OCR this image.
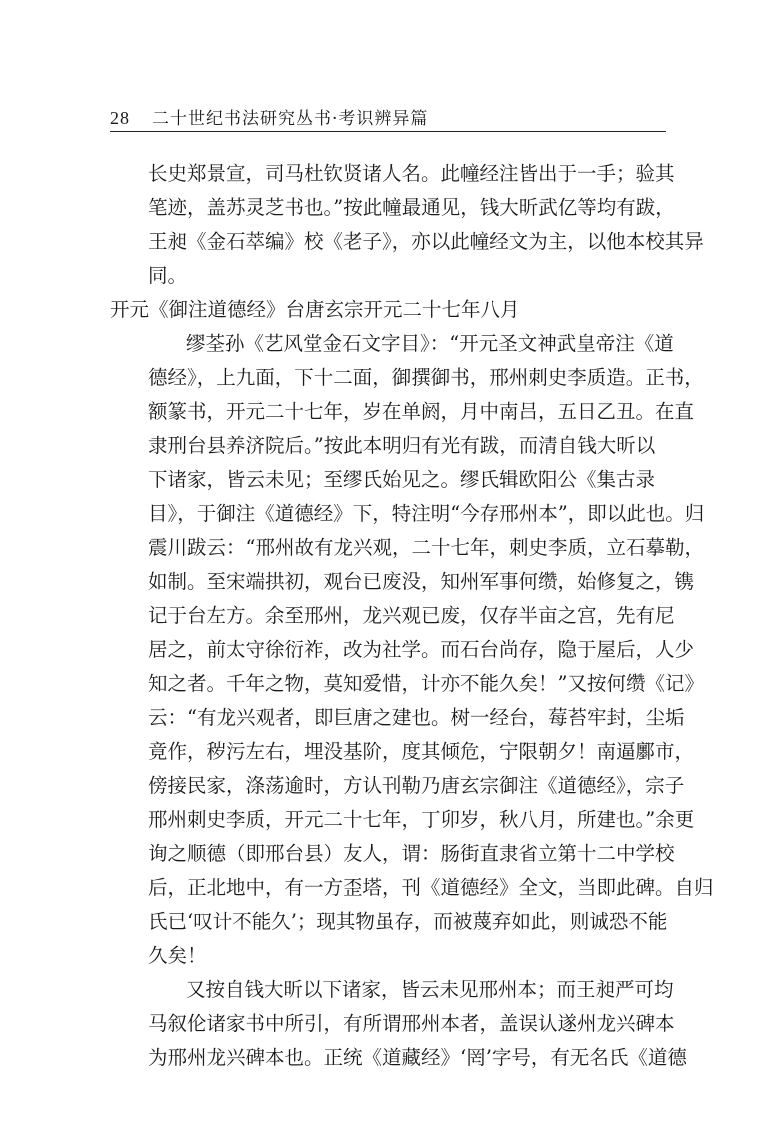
28 二十世纪书法研究丛书·考识辨异篇
长史郑景宣，司马杜钦贤诸人名。此幢经注皆出于一手；验其
笔迹，盖苏灵芝书也。”按此幢最通见，钱大昕武亿等均有跋，
王昶《金石萃编》校《老子》，亦以此幢经文为主，以他本校其异
同。
开元《御注道德经》台唐玄宗开元二十七年八月
缪荃孙《艺风堂金石文字目》：“开元圣文神武皇帝注《道
德经》，上九面，下十二面，御撰御书，邢州刺史李质造。正书，
额篆书，开元二十七年，岁在单阏，月中南吕，五日乙丑。在直
隶刑台县养济院后。”按此本明归有光有跋，而清自钱大昕以
下诸家，皆云未见；至缪氏始见之。缪氏辑欧阳公《集古录
目》，于御注《道德经》下，特注明“今存邢州本”，即以此也。归
震川跋云：“邢州故有龙兴观，二十七年，刺史李质，立石摹勒，
如制。至宋端拱初，观台已废没，知州军事何缵，始修复之，镌
记于台左方。余至邢州，龙兴观已废，仅存半亩之宫，先有尼
居之，前太守徐衍祚，改为社学。而石台尚存，隐于屋后，人少
知之者。千年之物，莫知爱惜，计亦不能久矣！”又按何缵《记》
云：“有龙兴观者，即巨唐之建也。树一经台，莓苔牢封，尘垢
竟作，秽污左右，埋没基阶，度其倾危，宁限朝夕！南逼鄽市，
傍接民家，涤荡逾时，方认刊勒乃唐玄宗御注《道德经》，宗子
邢州刺史李质，开元二十七年，丁卯岁，秋八月，所建也。”余更
询之顺德（即邢台县）友人，谓：肠街直隶省立第十二中学校
后，正北地中，有一方歪塔，刊《道德经》全文，当即此碑。自归
氏已‘叹计不能久’；现其物虽存，而被蔑弃如此，则诚恐不能
久矣！
又按自钱大昕以下诸家，皆云未见邢州本；而王昶严可均
马叙伦诸家书中所引，有所谓邢州本者，盖误认遂州龙兴碑本
为邢州龙兴碑本也。正统《道藏经》‘罔’字号，有无名氏《道德
